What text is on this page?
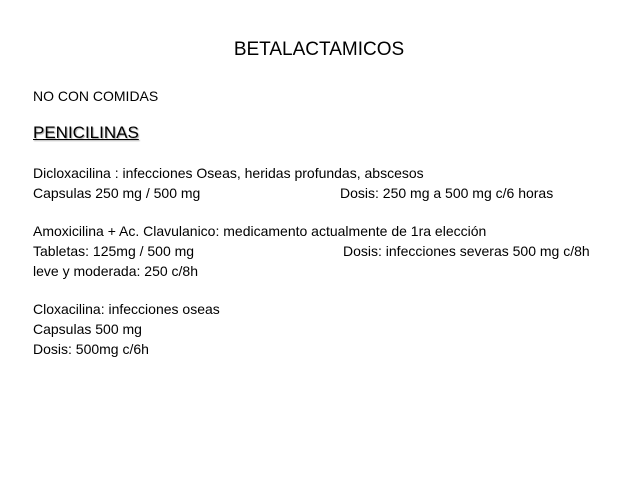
BETALACTAMICOS
NO CON COMIDAS
PENICILINAS
Dicloxacilina : infecciones Oseas, heridas profundas, abscesos
Capsulas 250 mg / 500 mg	Dosis: 250 mg a 500 mg c/6 horas
Amoxicilina + Ac. Clavulanico: medicamento actualmente de 1ra elección
Tabletas: 125mg / 500 mg	Dosis: infecciones severas 500 mg c/8h
leve y moderada: 250 c/8h
Cloxacilina: infecciones oseas
Capsulas 500 mg
Dosis: 500mg c/6h
